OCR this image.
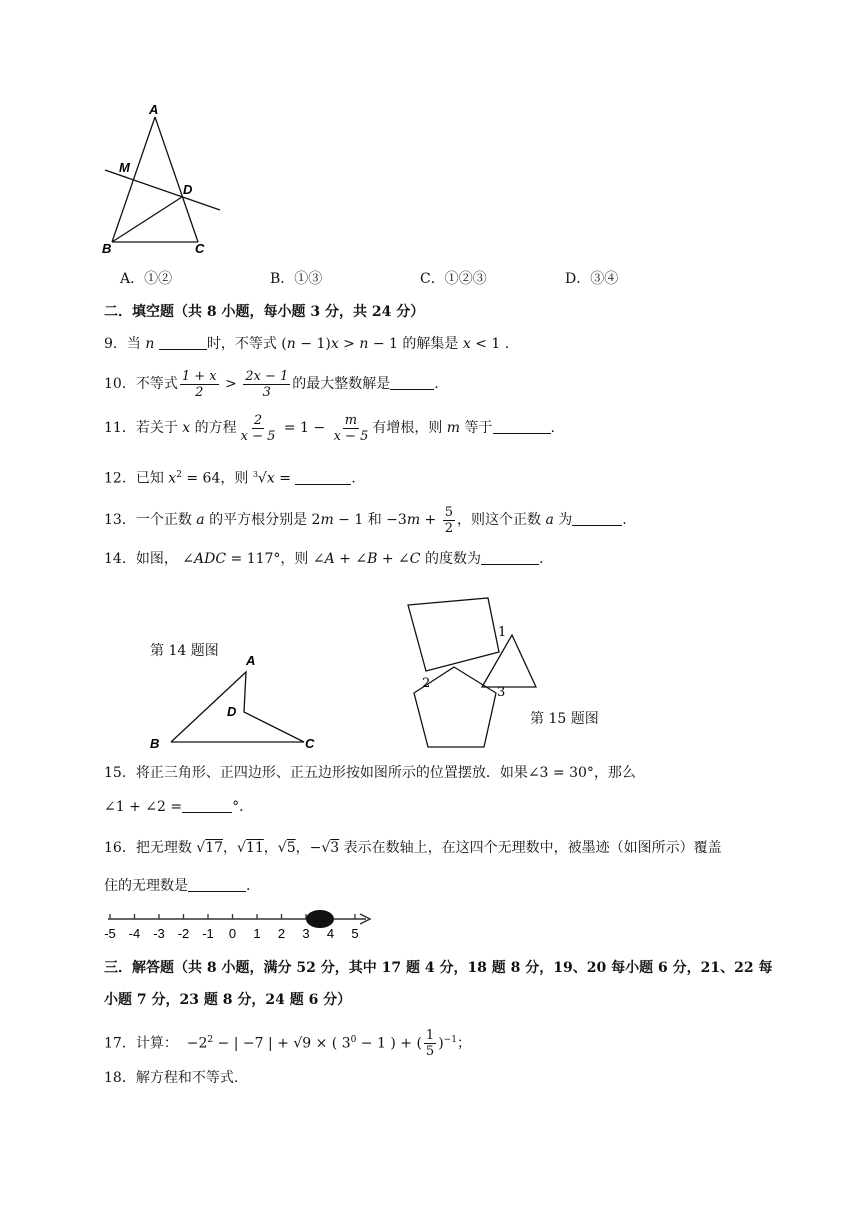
A
M
D
B	C
A．①②	B．①③	C．①②③	D．③④
二．填空题（共 8 小题，每小题 3 分，共 24 分）
9．当 n	时，不等式 (n − 1)x > n − 1 的解集是 x < 1 .
10．不等式 $\frac{1 + x}{2} > \frac{2x - 1}{3}$ 的最大整数解是	.
11．若关于 x 的方程 $\frac{2}{x - 5} = 1 - \frac{m}{x - 5}$ 有增根，则 m 等于	.
12．已知 $x^2 = 64$，则 $^3$√x =	.
13．一个正数 a 的平方根分别是 2m − 1 和 $-3m + \frac{5}{2}$ ，则这个正数 a 为	.
14．如图， ∠ADC = 117°，则 ∠A + ∠B + ∠C 的度数为	.
第 14 题图
A
D
B	C
1
2
3
第 15 题图
15．将正三角形、正四边形、正五边形按如图所示的位置摆放．如果∠3 = 30°，那么
∠1 + ∠2 =	°．
16．把无理数 √17，√11，√5，−√3 表示在数轴上，在这四个无理数中，被墨迹（如图所示）覆盖
住的无理数是	.
-5 -4 -3 -2 -1 0 1 2 3 4 5
三．解答题（共 8 小题，满分 52 分，其中 17 题 4 分，18 题 8 分，19、20 每小题 6 分，21、22 每
小题 7 分，23 题 8 分，24 题 6 分）
17．计算：  $-2^2$ − | −7 | + √9 × ( $3^0 - 1$ ) + ( $\frac{1}{5} )^{-1}$；
18．解方程和不等式.
